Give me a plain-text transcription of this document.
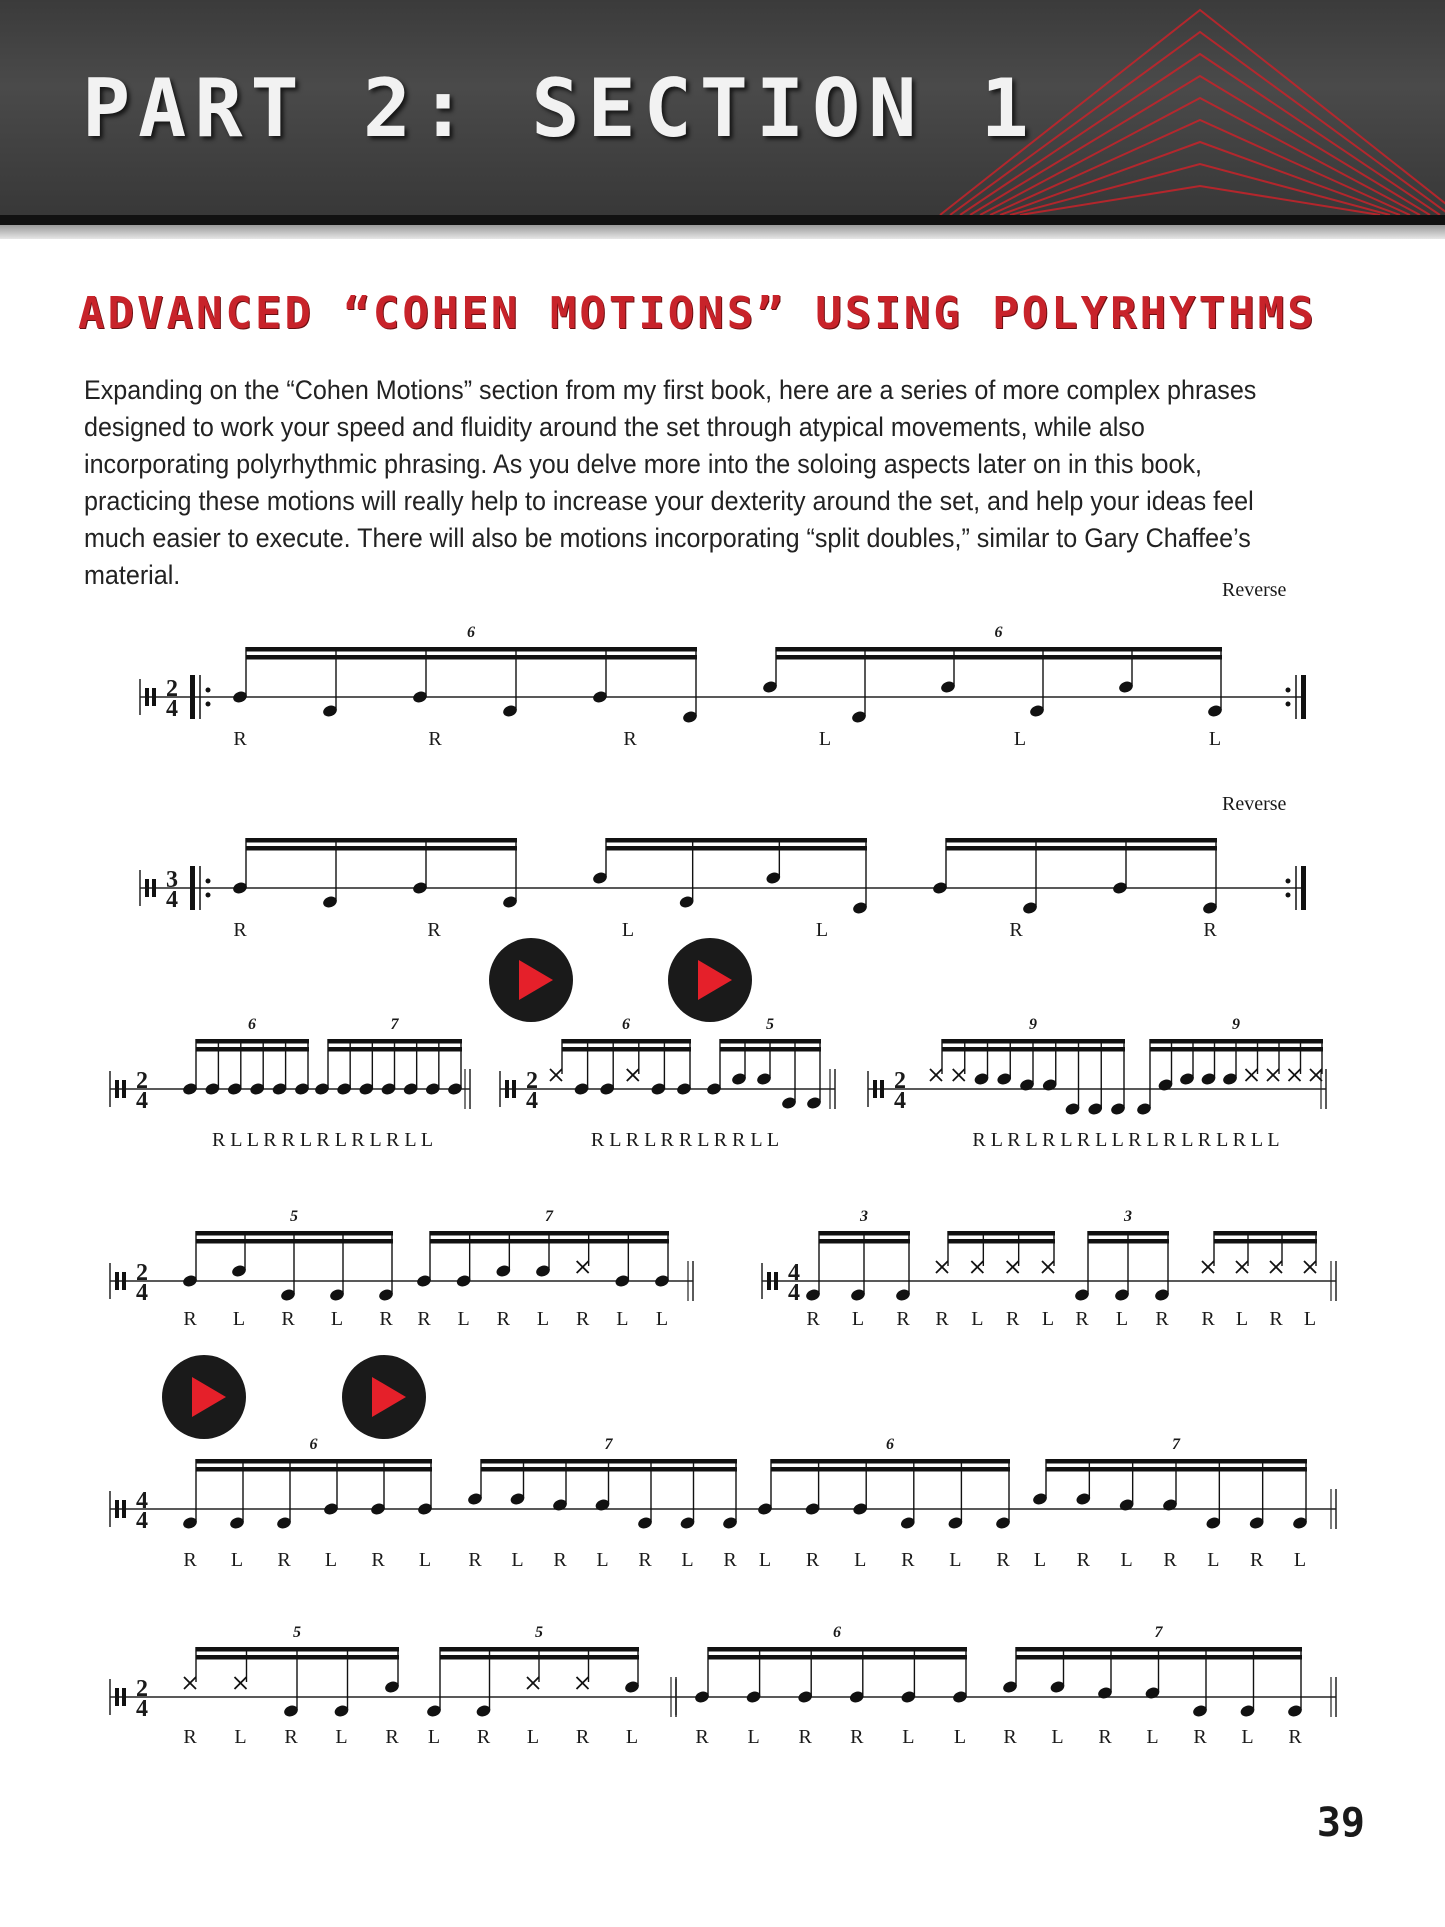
PART 2: SECTION 1
ADVANCED “COHEN MOTIONS” USING POLYRHYTHMS

Expanding on the “Cohen Motions” section from my first book, here are a series of more complex phrases designed to work your speed and fluidity around the set through atypical movements, while also incorporating polyrhythmic phrasing. As you delve more into the soloing aspects later on in this book, practicing these motions will really help to increase your dexterity around the set, and help your ideas feel much easier to execute. There will also be motions incorporating “split doubles,” similar to Gary Chaffee’s material.	Reverse
2
4
6	6
R	R	R	L	L	L
Reverse
3
4
R	R	L	L	R	R
2
4
6	7
R L L R R L R L R L R L L
2
4
6	5
R L R L R R L R R L L
2
4
9	9
R L R L R L R L L R L R L R L R L L
2
4
5	7
R L R L R R L R L R L L
4
4
3	3
R L R R L R L R L R R L R L
4
4
6	7	6	7
R L R L R L R L R L R L R L R L R L R L R L R L R L
2
4
5	5
R L R L R L R L R L
6	7
R L R R L L R L R L R L R
39
